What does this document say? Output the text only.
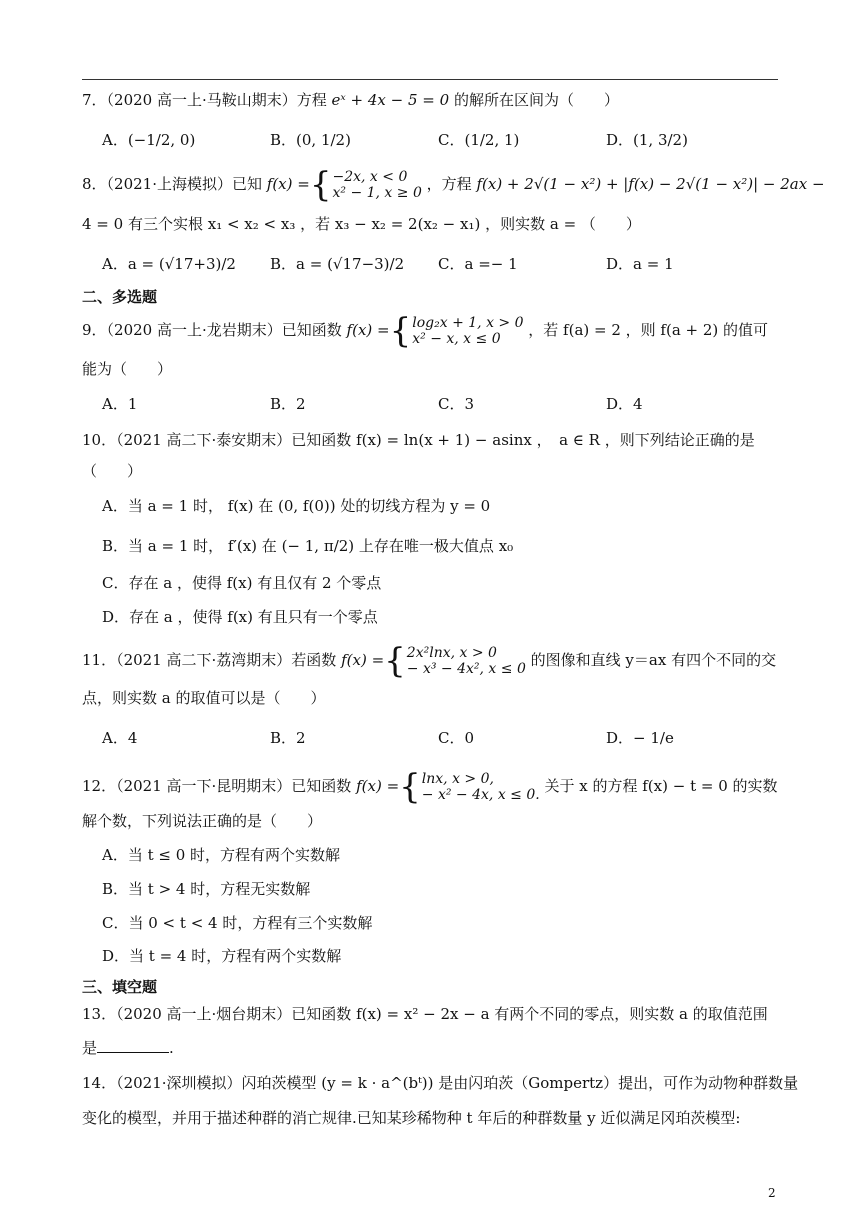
7．（2020 高一上·马鞍山期末）方程 eˣ + 4x − 5 = 0 的解所在区间为（　　）
A．(−1/2, 0)	B．(0, 1/2)	C．(1/2, 1)	D．(1, 3/2)
8．（2021·上海模拟）已知 f(x) ={−2x, x < 0
x² − 1, x ≥ 0 ，方程 f(x) + 2√(1 − x²) + |f(x) − 2√(1 − x²)| − 2ax −
4 = 0 有三个实根 x₁ < x₂ < x₃ ，若 x₃ − x₂ = 2(x₂ − x₁) ，则实数 a = （　　）
A．a = (√17+3)/2 B．a = (√17−3)/2 C．a =− 1	D．a = 1
二、多选题
9．（2020 高一上·龙岩期末）已知函数 f(x) ={log₂x + 1, x > 0
x² − x, x ≤ 0 ，若 f(a) = 2 ，则 f(a + 2) 的值可
能为（　　）
A．1	B．2	C．3	D．4
10．（2021 高二下·泰安期末）已知函数 f(x) = ln(x + 1) − asinx ，　a ∈ R ，则下列结论正确的是
（　　）
A．当 a = 1 时， f(x) 在 (0, f(0)) 处的切线方程为 y = 0
B．当 a = 1 时， f′(x) 在 (− 1, π/2) 上存在唯一极大值点 x₀
C．存在 a ，使得 f(x) 有且仅有 2 个零点
D．存在 a ，使得 f(x) 有且只有一个零点
11．（2021 高二下·荔湾期末）若函数 f(x) ={2x²lnx, x > 0
− x³ − 4x², x ≤ 0 的图像和直线 y＝ax 有四个不同的交
点，则实数 a 的取值可以是（　　）
A．4	B．2	C．0	D．− 1/e
12．（2021 高一下·昆明期末）已知函数 f(x) ={lnx, x > 0,
− x² − 4x, x ≤ 0. 关于 x 的方程 f(x) − t = 0 的实数
解个数，下列说法正确的是（　　）
A．当 t ≤ 0 时，方程有两个实数解
B．当 t > 4 时，方程无实数解
C．当 0 < t < 4 时，方程有三个实数解
D．当 t = 4 时，方程有两个实数解
三、填空题
13．（2020 高一上·烟台期末）已知函数 f(x) = x² − 2x − a 有两个不同的零点，则实数 a 的取值范围
是	.
14．（2021·深圳模拟）闪珀茨模型 (y = k · a^(bᵗ)) 是由闪珀茨（Gompertz）提出，可作为动物种群数量
变化的模型，并用于描述种群的消亡规律.已知某珍稀物种 t 年后的种群数量 y 近似满足冈珀茨模型:
2
